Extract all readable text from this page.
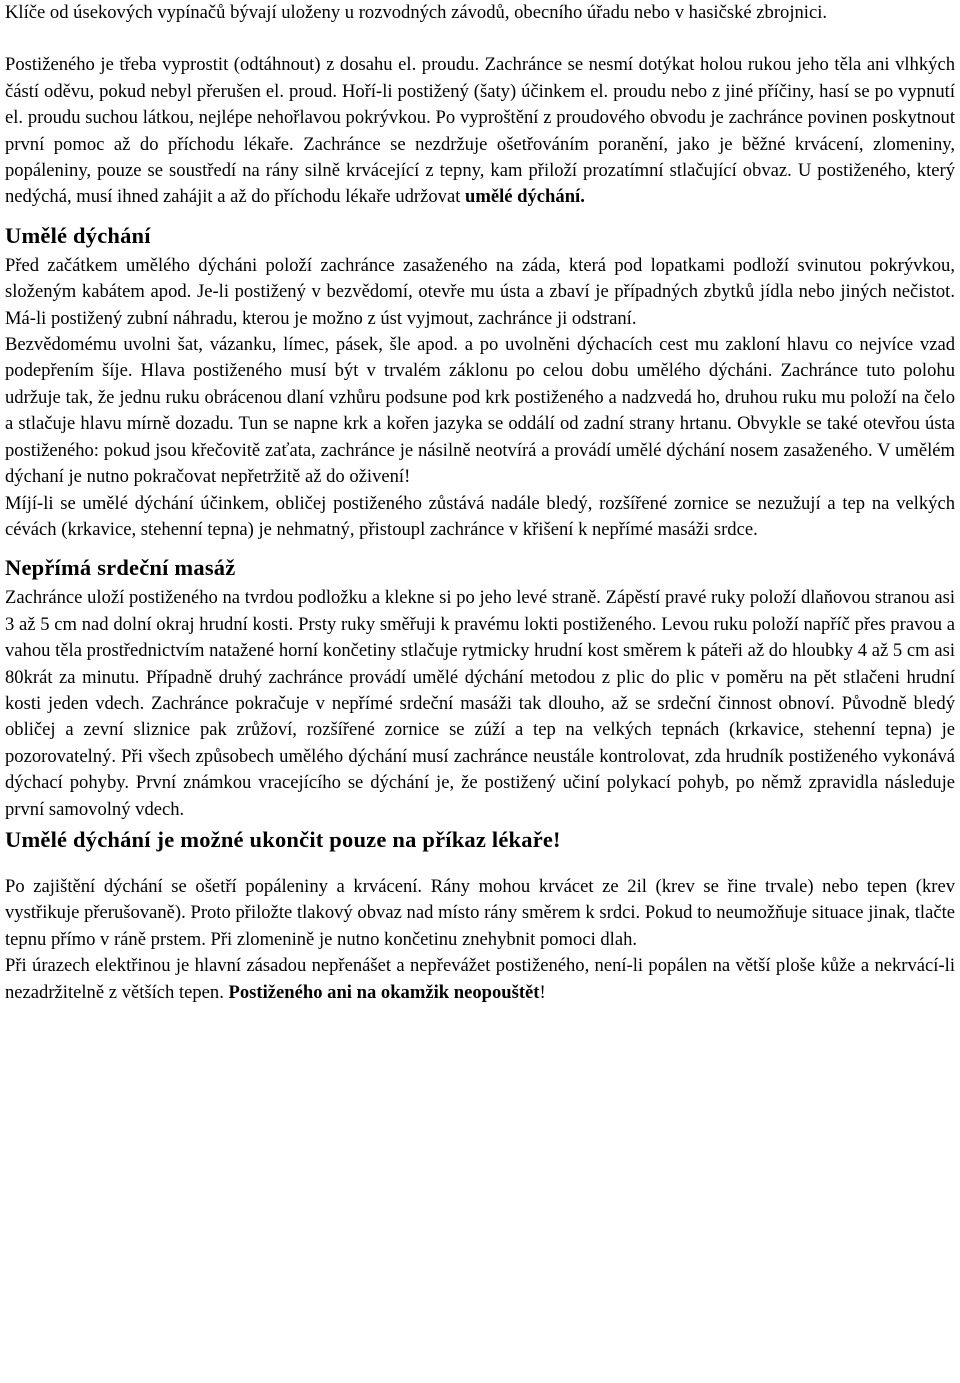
Klíče od úsekových vypínačů bývají uloženy u rozvodných závodů, obecního úřadu nebo v hasičské zbrojnici.

Postiženého je třeba vyprostit (odtáhnout) z dosahu el. proudu. Zachránce se nesmí dotýkat holou rukou jeho těla ani vlhkých částí oděvu, pokud nebyl přerušen el. proud. Hoří-li postižený (šaty) účinkem el. proudu nebo z jiné příčiny, hasí se po vypnutí el. proudu suchou látkou, nejlépe nehořlavou pokrývkou. Po vyproštění z proudového obvodu je zachránce povinen poskytnout první pomoc až do příchodu lékaře. Zachránce se nezdržuje ošetřováním poranění, jako je běžné krvácení, zlomeniny, popáleniny, pouze se soustředí na rány silně krvácející z tepny, kam přiloží prozatímní stlačující obvaz. U postiženého, který nedýchá, musí ihned zahájit a až do příchodu lékaře udržovat umělé dýchání.

Umělé dýchání

Před začátkem umělého dýcháni položí zachránce zasaženého na záda, která pod lopatkami podloží svinutou pokrývkou, složeným kabátem apod. Je-li postižený v bezvědomí, otevře mu ústa a zbaví je případných zbytků jídla nebo jiných nečistot. Má-li postižený zubní náhradu, kterou je možno z úst vyjmout, zachránce ji odstraní.

Bezvědomému uvolni šat, vázanku, límec, pásek, šle apod. a po uvolněni dýchacích cest mu zakloní hlavu co nejvíce vzad podepřením šíje. Hlava postiženého musí být v trvalém záklonu po celou dobu umělého dýcháni. Zachránce tuto polohu udržuje tak, že jednu ruku obrácenou dlaní vzhůru podsune pod krk postiženého a nadzvedá ho, druhou ruku mu položí na čelo a stlačuje hlavu mírně dozadu. Tun se napne krk a kořen jazyka se oddálí od zadní strany hrtanu. Obvykle se také otevřou ústa postiženého: pokud jsou křečovitě zaťata, zachránce je násilně neotvírá a provádí umělé dýchání nosem zasaženého. V umělém dýchaní je nutno pokračovat nepřetržitě až do oživení!

Míjí-li se umělé dýchání účinkem, obličej postiženého zůstává nadále bledý, rozšířené zornice se nezužují a tep na velkých cévách (krkavice, stehenní tepna) je nehmatný, přistoupl zachránce v křišení k nepřímé masáži srdce.

Nepřímá srdeční masáž

Zachránce uloží postiženého na tvrdou podložku a klekne si po jeho levé straně. Zápěstí pravé ruky položí dlaňovou stranou asi 3 až 5 cm nad dolní okraj hrudní kosti. Prsty ruky směřuji k pravému lokti postiženého. Levou ruku položí napříč přes pravou a vahou těla prostřednictvím natažené horní končetiny stlačuje rytmicky hrudní kost směrem k páteři až do hloubky 4 až 5 cm asi 80krát za minutu. Případně druhý zachránce provádí umělé dýchání metodou z plic do plic v poměru na pět stlačeni hrudní kosti jeden vdech. Zachránce pokračuje v nepřímé srdeční masáži tak dlouho, až se srdeční činnost obnoví. Původně bledý obličej a zevní sliznice pak zrůžoví, rozšířené zornice se zúží a tep na velkých tepnách (krkavice, stehenní tepna) je pozorovatelný. Při všech způsobech umělého dýchání musí zachránce neustále kontrolovat, zda hrudník postiženého vykonává dýchací pohyby. První známkou vracejícího se dýchání je, že postižený učiní polykací pohyb, po němž zpravidla následuje první samovolný vdech.

Umělé dýchání je možné ukončit pouze na příkaz lékaře!

Po zajištění dýchání se ošetří popáleniny a krvácení. Rány mohou krvácet ze 2il (krev se řine trvale) nebo tepen (krev vystřikuje přerušovaně). Proto přiložte tlakový obvaz nad místo rány směrem k srdci. Pokud to neumožňuje situace jinak, tlačte tepnu přímo v ráně prstem. Při zlomenině je nutno končetinu znehybnit pomoci dlah.

Při úrazech elektřinou je hlavní zásadou nepřenášet a nepřevážet postiženého, není-li popálen na větší ploše kůže a nekrvácí-li nezadržitelně z větších tepen. Postiženého ani na okamžik neopouštět!
